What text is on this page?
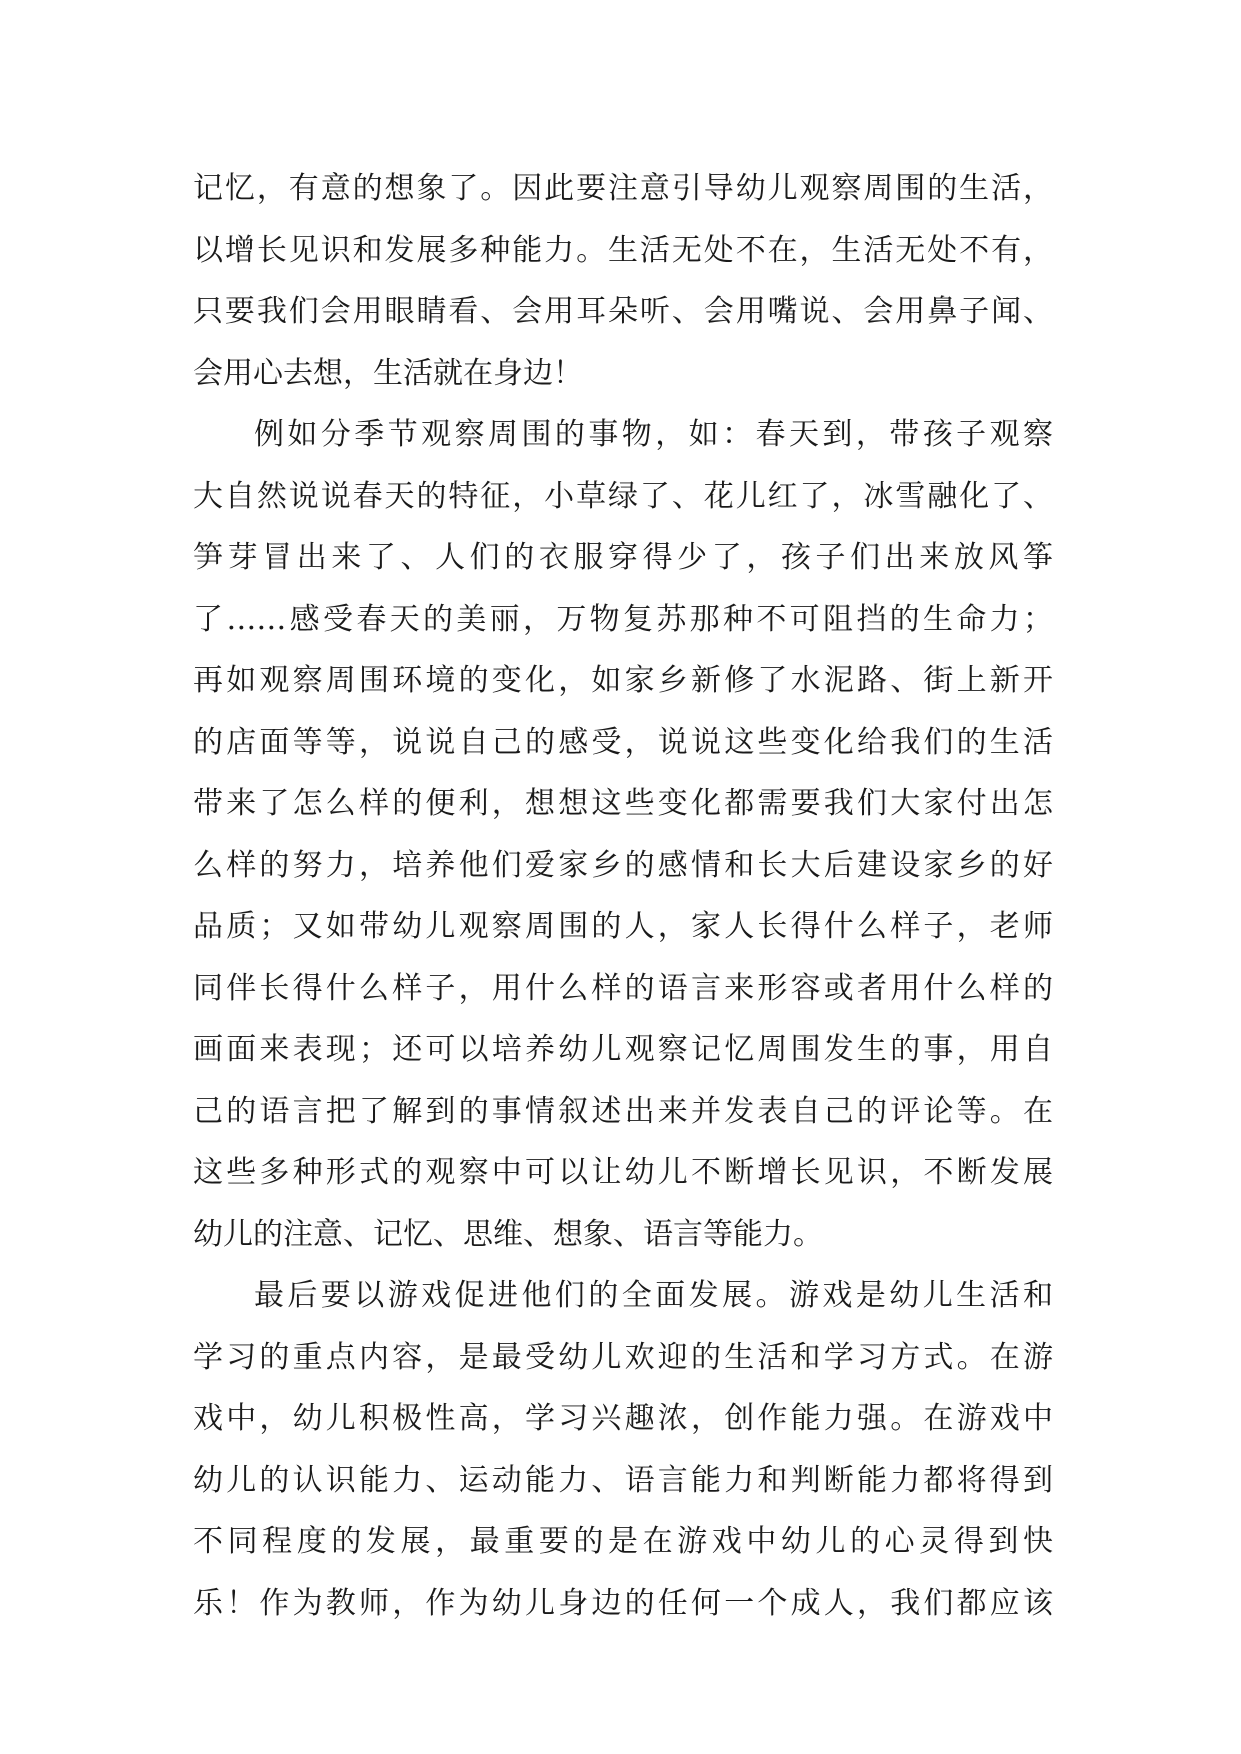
记忆，有意的想象了。因此要注意引导幼儿观察周围的生活，
以增长见识和发展多种能力。生活无处不在，生活无处不有，
只要我们会用眼睛看、会用耳朵听、会用嘴说、会用鼻子闻、
会用心去想，生活就在身边！
例如分季节观察周围的事物，如：春天到，带孩子观察
大自然说说春天的特征，小草绿了、花儿红了，冰雪融化了、
笋芽冒出来了、人们的衣服穿得少了，孩子们出来放风筝
了……感受春天的美丽，万物复苏那种不可阻挡的生命力；
再如观察周围环境的变化，如家乡新修了水泥路、街上新开
的店面等等，说说自己的感受，说说这些变化给我们的生活
带来了怎么样的便利，想想这些变化都需要我们大家付出怎
么样的努力，培养他们爱家乡的感情和长大后建设家乡的好
品质；又如带幼儿观察周围的人，家人长得什么样子，老师
同伴长得什么样子，用什么样的语言来形容或者用什么样的
画面来表现；还可以培养幼儿观察记忆周围发生的事，用自
己的语言把了解到的事情叙述出来并发表自己的评论等。在
这些多种形式的观察中可以让幼儿不断增长见识，不断发展
幼儿的注意、记忆、思维、想象、语言等能力。
最后要以游戏促进他们的全面发展。游戏是幼儿生活和
学习的重点内容，是最受幼儿欢迎的生活和学习方式。在游
戏中，幼儿积极性高，学习兴趣浓，创作能力强。在游戏中
幼儿的认识能力、运动能力、语言能力和判断能力都将得到
不同程度的发展，最重要的是在游戏中幼儿的心灵得到快
乐！作为教师，作为幼儿身边的任何一个成人，我们都应该
